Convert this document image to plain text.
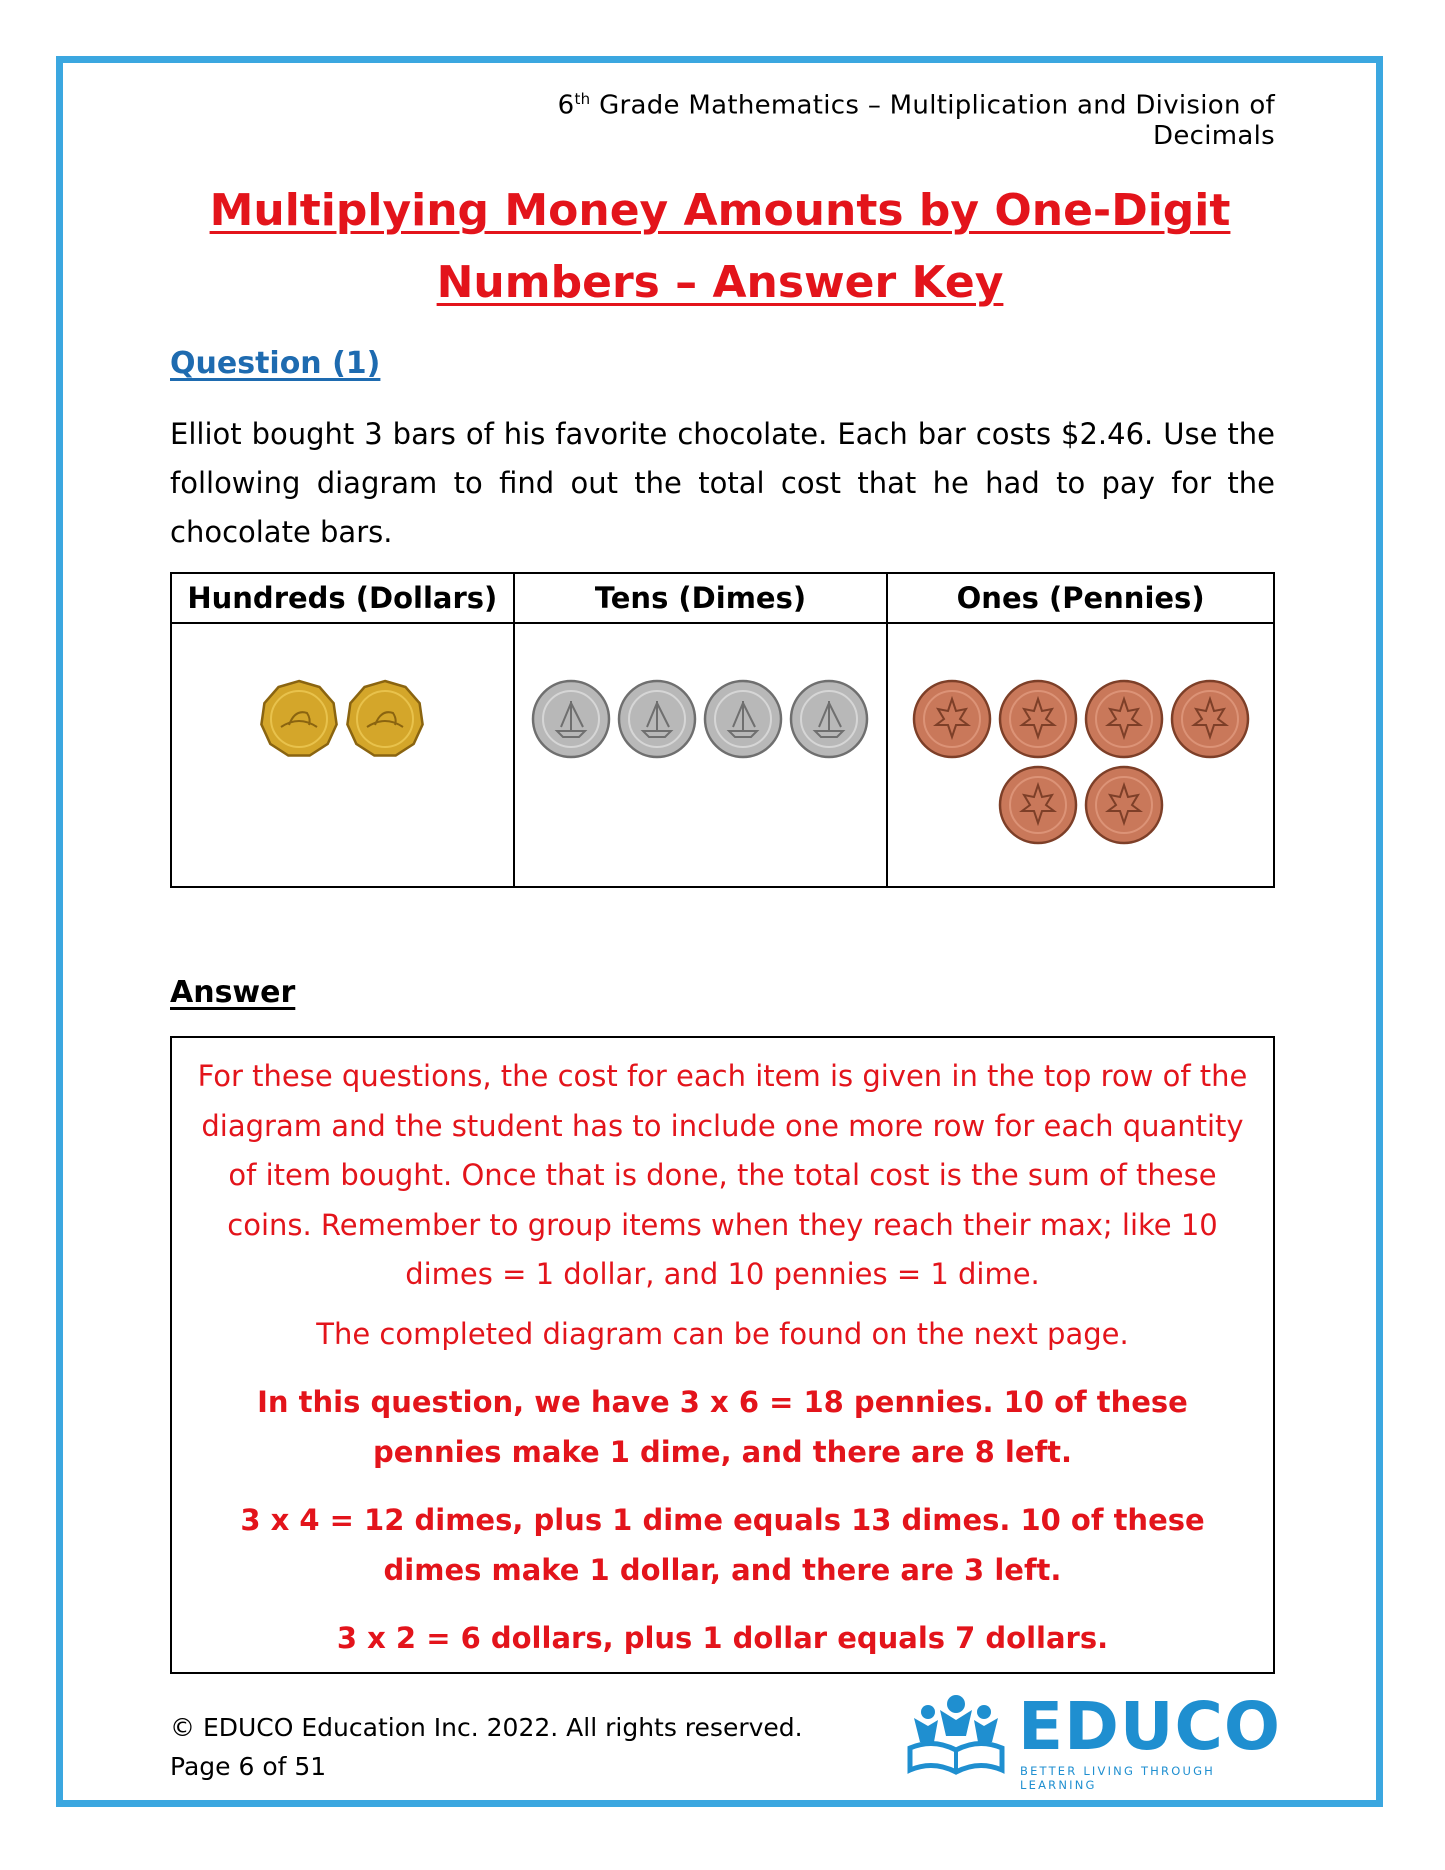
6th Grade Mathematics – Multiplication and Division of Decimals
Multiplying Money Amounts by One-Digit
Numbers – Answer Key
Question (1)
Elliot bought 3 bars of his favorite chocolate. Each bar costs $2.46. Use the following diagram to find out the total cost that he had to pay for the chocolate bars.
Hundreds (Dollars)	Tens (Dimes)	Ones (Pennies)

Answer
For these questions, the cost for each item is given in the top row of the diagram and the student has to include one more row for each quantity of item bought. Once that is done, the total cost is the sum of these coins. Remember to group items when they reach their max; like 10 dimes = 1 dollar, and 10 pennies = 1 dime.
The completed diagram can be found on the next page.
In this question, we have 3 x 6 = 18 pennies. 10 of these pennies make 1 dime, and there are 8 left.
3 x 4 = 12 dimes, plus 1 dime equals 13 dimes. 10 of these dimes make 1 dollar, and there are 3 left.
3 x 2 = 6 dollars, plus 1 dollar equals 7 dollars.
© EDUCO Education Inc. 2022. All rights reserved.
Page 6 of 51
EDUCO
BETTER LIVING THROUGH LEARNING
